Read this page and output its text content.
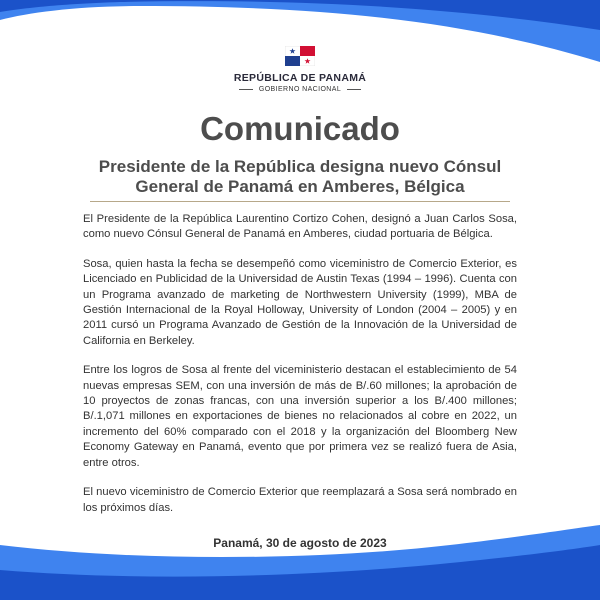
REPÚBLICA DE PANAMÁ
GOBIERNO NACIONAL
Comunicado
Presidente de la República designa nuevo Cónsul
General de Panamá en Amberes, Bélgica

El Presidente de la República Laurentino Cortizo Cohen, designó a Juan Carlos Sosa, como nuevo Cónsul General de Panamá en Amberes, ciudad portuaria de Bélgica.

Sosa, quien hasta la fecha se desempeñó como viceministro de Comercio Exterior, es Licenciado en Publicidad de la Universidad de Austin Texas (1994 – 1996). Cuenta con un Programa avanzado de marketing de Northwestern University (1999), MBA de Gestión Internacional de la Royal Holloway, University of London (2004 – 2005) y en 2011 cursó un Programa Avanzado de Gestión de la Innovación de la Universidad de California en Berkeley.

Entre los logros de Sosa al frente del viceministerio destacan el establecimiento de 54 nuevas empresas SEM, con una inversión de más de B/.60 millones; la aprobación de 10 proyectos de zonas francas, con una inversión superior a los B/.400 millones; B/.1,071 millones en exportaciones de bienes no relacionados al cobre en 2022, un incremento del 60% comparado con el 2018 y la organización del Bloomberg New Economy Gateway en Panamá, evento que por primera vez se realizó fuera de Asia, entre otros.

El nuevo viceministro de Comercio Exterior que reemplazará a Sosa será nombrado en los próximos días.

Panamá, 30 de agosto de 2023
